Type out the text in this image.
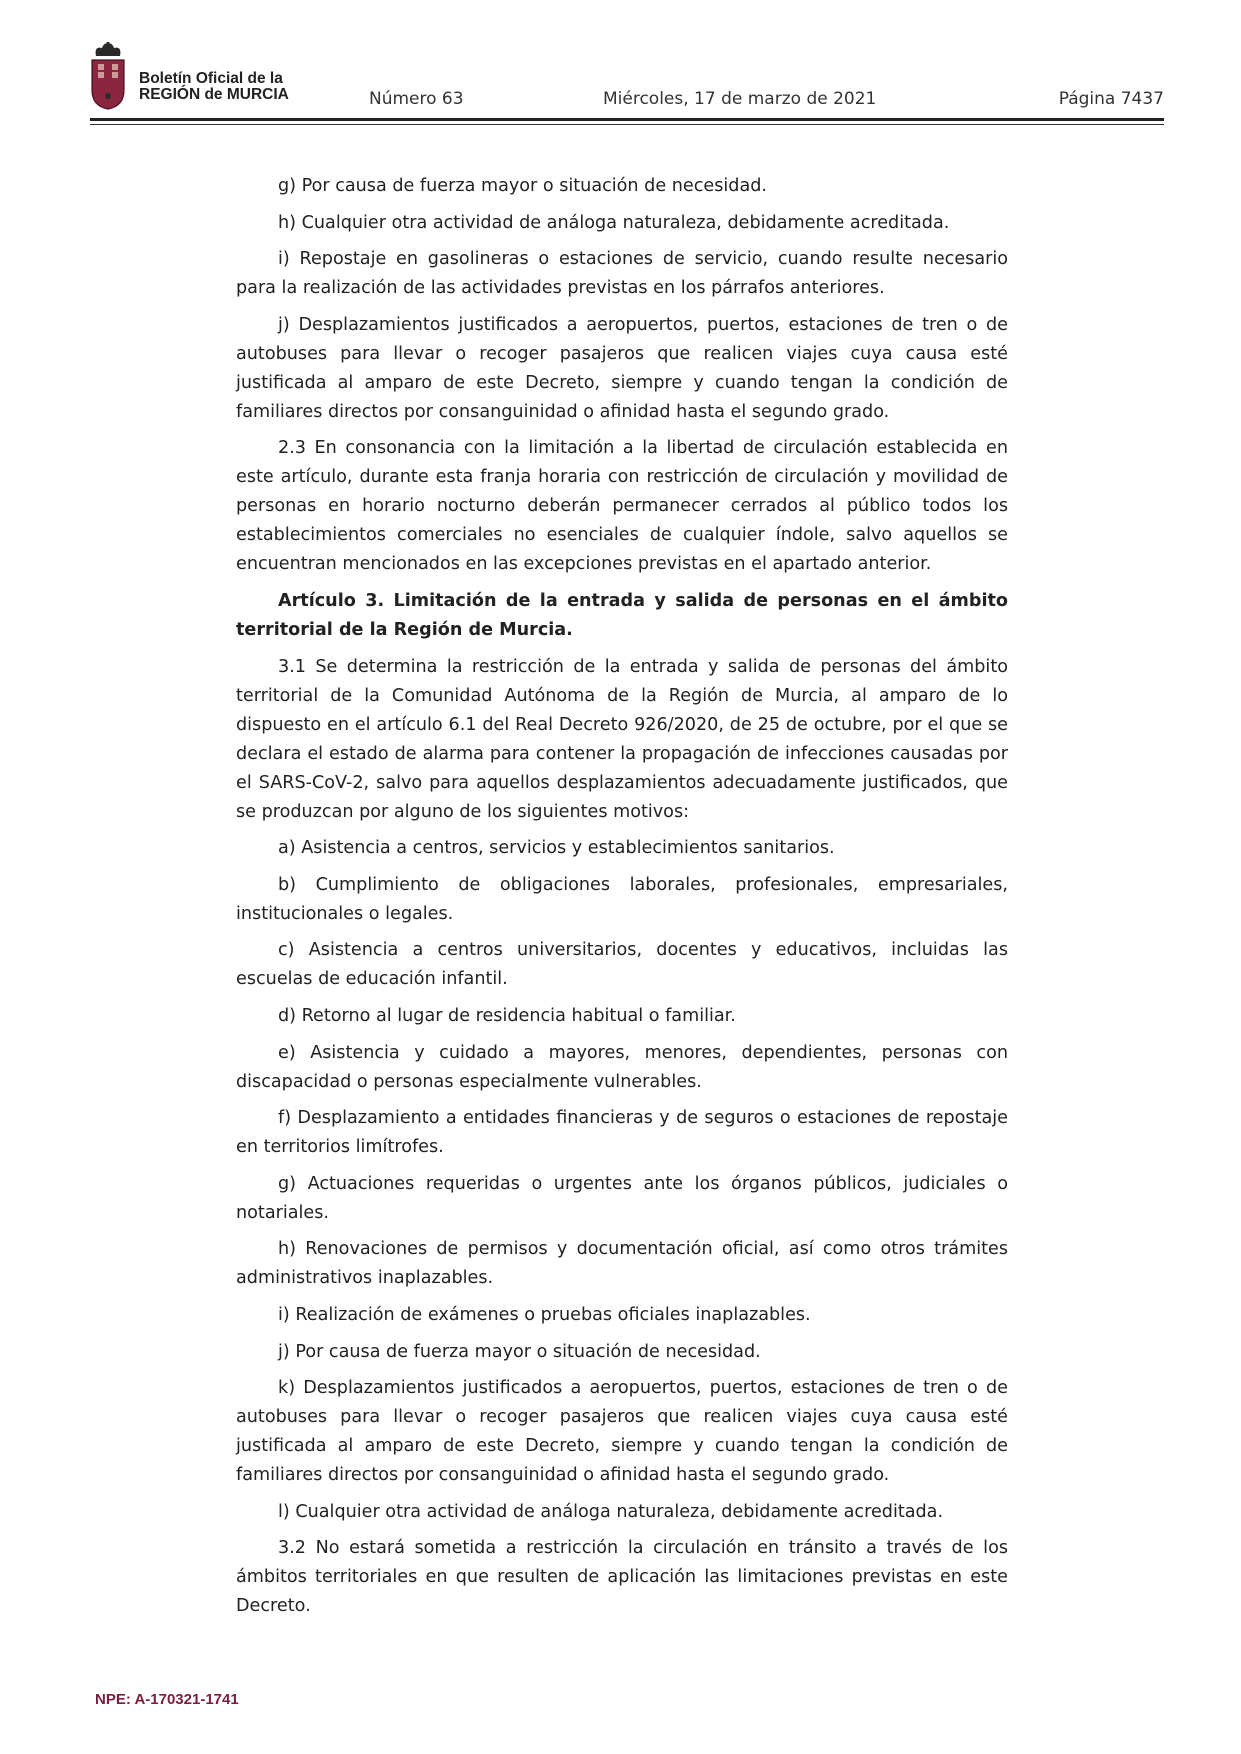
Boletín Oficial de la
REGIÓN de MURCIA	Número 63	Miércoles, 17 de marzo de 2021	Página 7437

g) Por causa de fuerza mayor o situación de necesidad.

h) Cualquier otra actividad de análoga naturaleza, debidamente acreditada.

i) Repostaje en gasolineras o estaciones de servicio, cuando resulte necesario para la realización de las actividades previstas en los párrafos anteriores.

j) Desplazamientos justificados a aeropuertos, puertos, estaciones de tren o de autobuses para llevar o recoger pasajeros que realicen viajes cuya causa esté justificada al amparo de este Decreto, siempre y cuando tengan la condición de familiares directos por consanguinidad o afinidad hasta el segundo grado.

2.3 En consonancia con la limitación a la libertad de circulación establecida en este artículo, durante esta franja horaria con restricción de circulación y movilidad de personas en horario nocturno deberán permanecer cerrados al público todos los establecimientos comerciales no esenciales de cualquier índole, salvo aquellos se encuentran mencionados en las excepciones previstas en el apartado anterior.

Artículo 3. Limitación de la entrada y salida de personas en el ámbito territorial de la Región de Murcia.

3.1 Se determina la restricción de la entrada y salida de personas del ámbito territorial de la Comunidad Autónoma de la Región de Murcia, al amparo de lo dispuesto en el artículo 6.1 del Real Decreto 926/2020, de 25 de octubre, por el que se declara el estado de alarma para contener la propagación de infecciones causadas por el SARS-CoV-2, salvo para aquellos desplazamientos adecuadamente justificados, que se produzcan por alguno de los siguientes motivos:

a) Asistencia a centros, servicios y establecimientos sanitarios.

b) Cumplimiento de obligaciones laborales, profesionales, empresariales, institucionales o legales.

c) Asistencia a centros universitarios, docentes y educativos, incluidas las escuelas de educación infantil.

d) Retorno al lugar de residencia habitual o familiar.

e) Asistencia y cuidado a mayores, menores, dependientes, personas con discapacidad o personas especialmente vulnerables.

f) Desplazamiento a entidades financieras y de seguros o estaciones de repostaje en territorios limítrofes.

g) Actuaciones requeridas o urgentes ante los órganos públicos, judiciales o notariales.

h) Renovaciones de permisos y documentación oficial, así como otros trámites administrativos inaplazables.

i) Realización de exámenes o pruebas oficiales inaplazables.

j) Por causa de fuerza mayor o situación de necesidad.

k) Desplazamientos justificados a aeropuertos, puertos, estaciones de tren o de autobuses para llevar o recoger pasajeros que realicen viajes cuya causa esté justificada al amparo de este Decreto, siempre y cuando tengan la condición de familiares directos por consanguinidad o afinidad hasta el segundo grado.

l) Cualquier otra actividad de análoga naturaleza, debidamente acreditada.

3.2 No estará sometida a restricción la circulación en tránsito a través de los ámbitos territoriales en que resulten de aplicación las limitaciones previstas en este Decreto.

NPE: A-170321-1741
